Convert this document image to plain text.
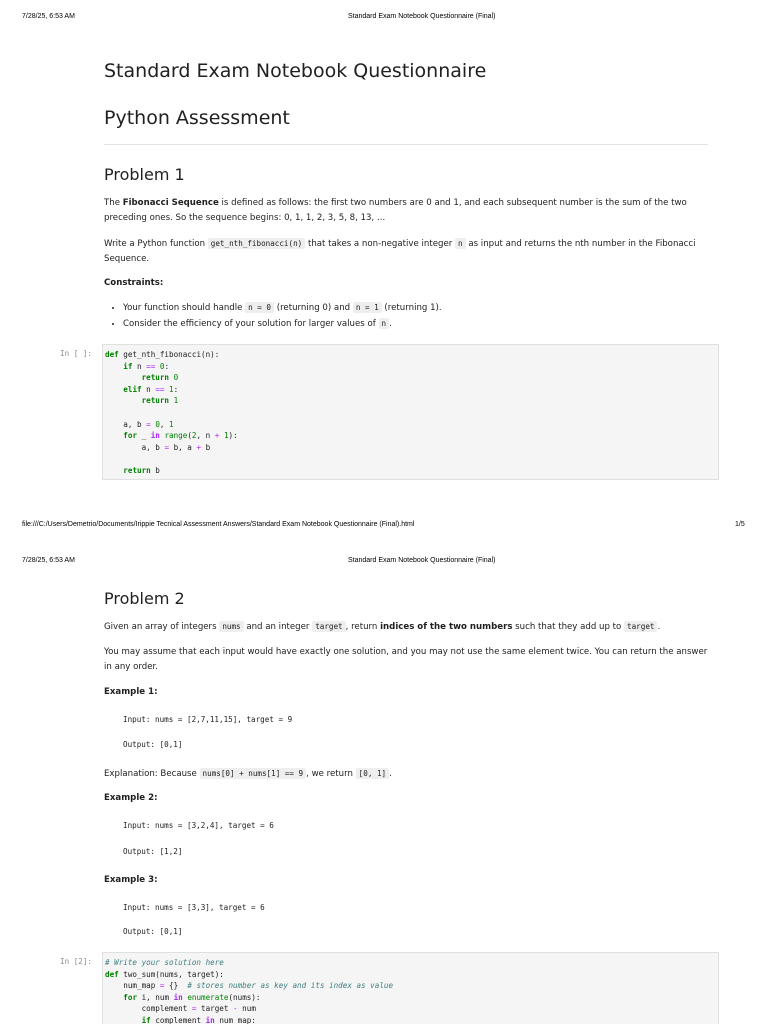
7/28/25, 6:53 AM	Standard Exam Notebook Questionnaire (Final)
Standard Exam Notebook Questionnaire
Python Assessment
Problem 1
The Fibonacci Sequence is defined as follows: the first two numbers are 0 and 1, and each subsequent number is the sum of the two preceding ones. So the sequence begins: 0, 1, 1, 2, 3, 5, 8, 13, ...
Write a Python function get_nth_fibonacci(n) that takes a non-negative integer n as input and returns the nth number in the Fibonacci Sequence.
Constraints:
• Your function should handle n = 0 (returning 0) and n = 1 (returning 1).
• Consider the efficiency of your solution for larger values of n .
In [ ]:	def get_nth_fibonacci(n):
if n == 0:
return 0
elif n == 1:
return 1

a, b = 0, 1
for _ in range(2, n + 1):
a, b = b, a + b

return b
file:///C:/Users/Demetrio/Documents/Irippie Tecnical Assessment Answers/Standard Exam Notebook Questionnaire (Final).html	1/5
7/28/25, 6:53 AM	Standard Exam Notebook Questionnaire (Final)
Problem 2
Given an array of integers nums and an integer target , return indices of the two numbers such that they add up to target .
You may assume that each input would have exactly one solution, and you may not use the same element twice. You can return the answer in any order.
Example 1:
Input: nums = [2,7,11,15], target = 9
Output: [0,1]
Explanation: Because nums[0] + nums[1] == 9 , we return [0, 1] .
Example 2:
Input: nums = [3,2,4], target = 6
Output: [1,2]
Example 3:
Input: nums = [3,3], target = 6
Output: [0,1]
In [2]:	# Write your solution here
def two_sum(nums, target):
num_map = {}  # stores number as key and its index as value
for i, num in enumerate(nums):
complement = target - num
if complement in num_map:
